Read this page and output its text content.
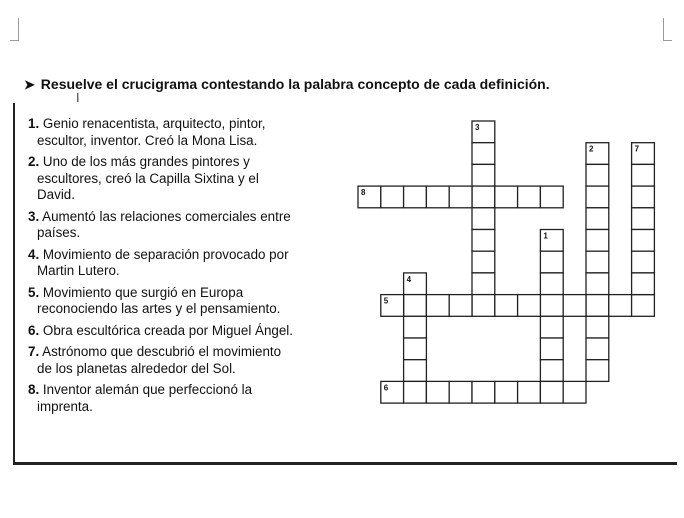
➤ Resuelve el crucigrama contestando la palabra concepto de cada definición.
I
1. Genio renacentista, arquitecto, pintor,
escultor, inventor. Creó la Mona Lisa.
2. Uno de los más grandes pintores y
escultores, creó la Capilla Sixtina y el
David.
3. Aumentó las relaciones comerciales entre
países.
4. Movimiento de separación provocado por
Martin Lutero.
5. Movimiento que surgió en Europa
reconociendo las artes y el pensamiento.
6. Obra escultórica creada por Miguel Ángel.
7. Astrónomo que descubrió el movimiento
de los planetas alrededor del Sol.
8. Inventor alemán que perfeccionó la
imprenta.
1
2
3
4
5
6
7
8
